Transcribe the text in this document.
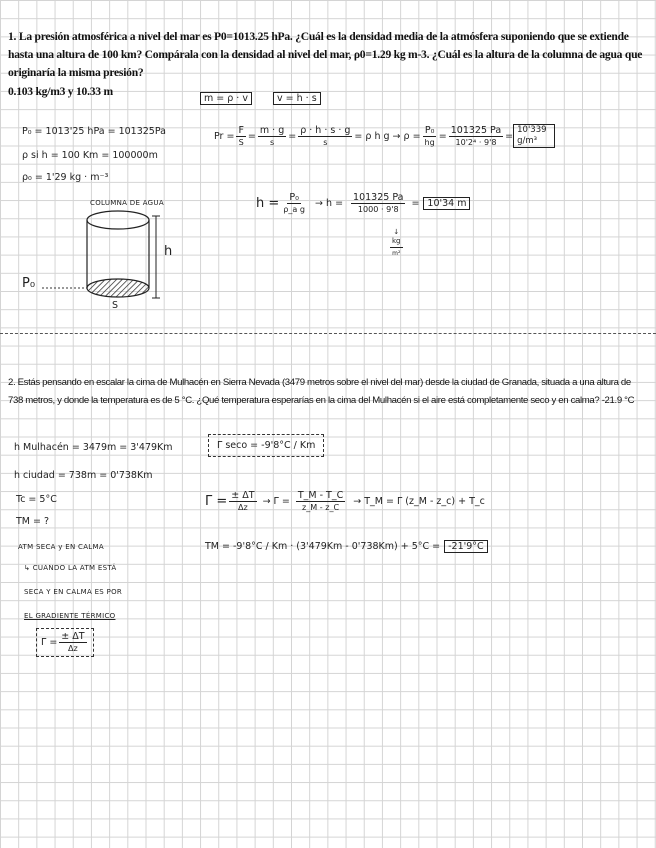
1. La presión atmosférica a nivel del mar es P0=1013.25 hPa. ¿Cuál es la densidad media de la atmósfera suponiendo que se extiende hasta una altura de 100 km? Compárala con la densidad al nivel del mar, ρ0=1.29 kg m-3. ¿Cuál es la altura de la columna de agua que originaría la misma presión?
0.103 kg/m3 y 10.33 m
m = ρ · v	v = h · s
P₀ = 1013'25 hPa = 101325Pa
ρ si h = 100 Km = 100000m
ρ₀ = 1'29 kg · m⁻³
$Pr = \frac{F}{S} = \frac{m \cdot g}{s} = \frac{\rho \cdot h \cdot s \cdot g}{s} = \rho$ h $g \to \rho = \frac{\text{P₀}}{hg} = \frac{101325 Pa}{\text{10'2⁴ · 9'8}}$ =
10'339 g/m³
COLUMNA DE AGUA
h
P₀
S
$h = \frac{\text{P₀}}{\text{ρ\_a g}} \to h = \frac{101325 Pa}{1000 \cdot 9'8} = 10'34$ m
↓
$\frac{kg}{\text{m²}}$
2. Estás pensando en escalar la cima de Mulhacén en Sierra Nevada (3479 metros sobre el nivel del mar) desde la ciudad de Granada, situada a una altura de 738 metros, y donde la temperatura es de 5 °C. ¿Qué temperatura esperarías en la cima del Mulhacén si el aire está completamente seco y en calma? -21.9 °C
h Mulhacén = 3479m = 3'479Km
h ciudad = 738m = 0'738Km
Tc = 5°C
TM = ?
Γ seco = -9'8°C / Km
ATM SECA y EN CALMA
↳ CUANDO LA ATM ESTÁ
SECA Y EN CALMA ES POR
EL GRADIENTE TÉRMICO
$\Gamma = \frac{\pm \Delta T}{\Delta z}$
$\Gamma = \frac{\pm \Delta T}{\Delta z} \to \Gamma = \frac{T\_M - T\_C}{z\_M - z\_C}$ → T_M = Γ (z_M - z_c) + T_c
TM = -9'8°C / Km · (3'479Km - 0'738Km) + 5°C = -21'9°C
